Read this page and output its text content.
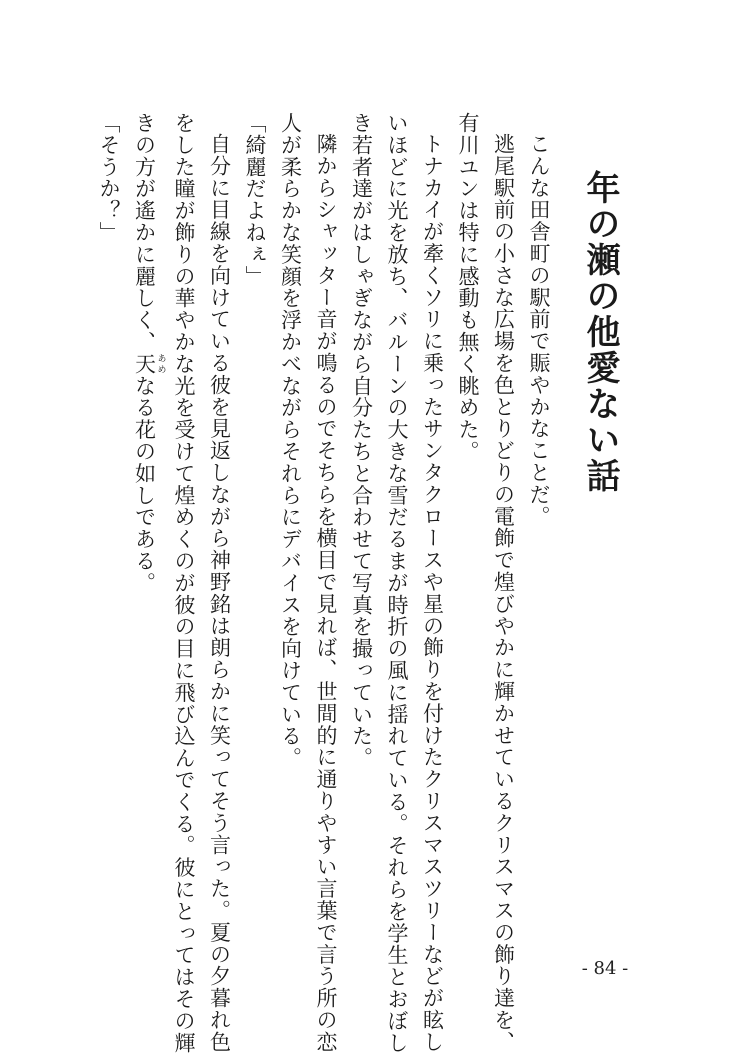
年の瀬の他愛ない話

こんな田舎町の駅前で賑やかなことだ。

逃尾駅前の小さな広場を色とりどりの電飾で煌びやかに輝かせているクリスマスの飾り達を、

有川ユンは特に感動も無く眺めた。

トナカイが牽くソリに乗ったサンタクロースや星の飾りを付けたクリスマスツリーなどが眩し

いほどに光を放ち、バルーンの大きな雪だるまが時折の風に揺れている。それらを学生とおぼし

き若者達がはしゃぎながら自分たちと合わせて写真を撮っていた。

隣からシャッター音が鳴るのでそちらを横目で見れば、世間的に通りやすい言葉で言う所の恋

人が柔らかな笑顔を浮かべながらそれらにデバイスを向けている。

「綺麗だよねぇ」

自分に目線を向けている彼を見返しながら神野銘は朗らかに笑ってそう言った。夏の夕暮れ色

をした瞳が飾りの華やかな光を受けて煌めくのが彼の目に飛び込んでくる。彼にとってはその輝

きの方が遙かに麗しく、天 あめなる花の如しである。

「そうか？」

- 84 -
